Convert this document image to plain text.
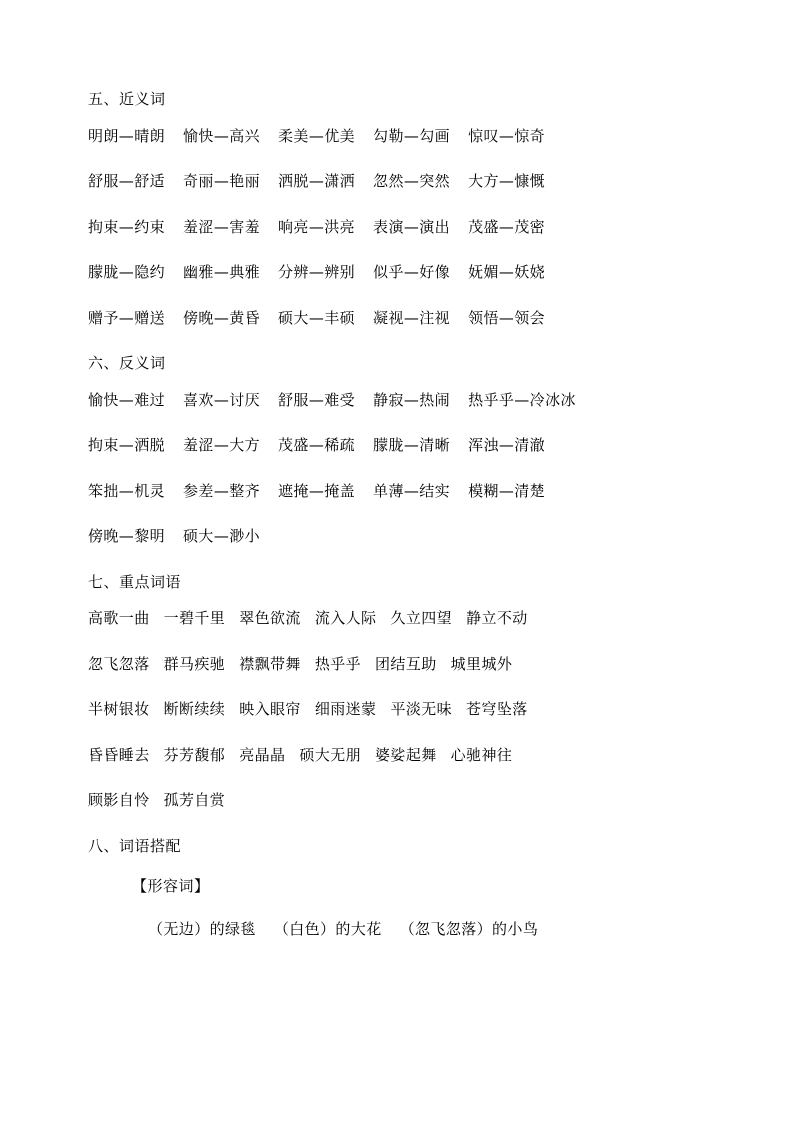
五、近义词
明朗—晴朗 愉快—高兴 柔美—优美 勾勒—勾画 惊叹—惊奇
舒服—舒适 奇丽—艳丽 洒脱—潇洒 忽然—突然 大方—慷慨
拘束—约束 羞涩—害羞 响亮—洪亮 表演—演出 茂盛—茂密
朦胧—隐约 幽雅—典雅 分辨—辨别 似乎—好像 妩媚—妖娆
赠予—赠送 傍晚—黄昏 硕大—丰硕 凝视—注视 领悟—领会
六、反义词
愉快—难过 喜欢—讨厌 舒服—难受 静寂—热闹 热乎乎—冷冰冰
拘束—洒脱 羞涩—大方 茂盛—稀疏 朦胧—清晰 浑浊—清澈
笨拙—机灵 参差—整齐 遮掩—掩盖 单薄—结实 模糊—清楚
傍晚—黎明 硕大—渺小
七、重点词语
高歌一曲 一碧千里 翠色欲流 流入人际 久立四望 静立不动
忽飞忽落 群马疾驰 襟飘带舞 热乎乎 团结互助 城里城外
半树银妆 断断续续 映入眼帘 细雨迷蒙 平淡无味 苍穹坠落
昏昏睡去 芬芳馥郁 亮晶晶 硕大无朋 婆娑起舞 心驰神往
顾影自怜 孤芳自赏
八、词语搭配
【形容词】
（无边）的绿毯 （白色）的大花 （忽飞忽落）的小鸟
